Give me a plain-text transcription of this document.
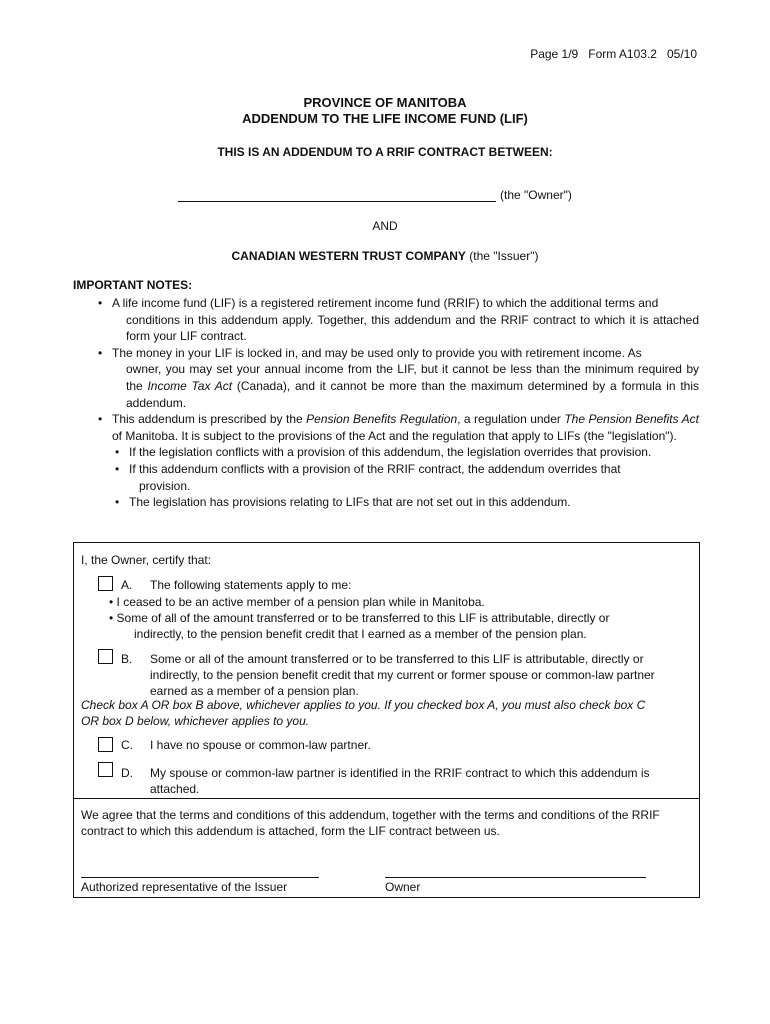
Page 1/9 Form A103.2 05/10
PROVINCE OF MANITOBA
ADDENDUM TO THE LIFE INCOME FUND (LIF)
THIS IS AN ADDENDUM TO A RRIF CONTRACT BETWEEN:
(the "Owner")
AND
CANADIAN WESTERN TRUST COMPANY (the "Issuer")
IMPORTANT NOTES:

• A life income fund (LIF) is a registered retirement income fund (RRIF) to which the additional terms and
conditions in this addendum apply. Together, this addendum and the RRIF contract to which it is attached form your LIF contract.

• The money in your LIF is locked in, and may be used only to provide you with retirement income. As
owner, you may set your annual income from the LIF, but it cannot be less than the minimum required by the Income Tax Act (Canada), and it cannot be more than the maximum determined by a formula in this addendum.

• This addendum is prescribed by the Pension Benefits Regulation, a regulation under The Pension Benefits Act of Manitoba. It is subject to the provisions of the Act and the regulation that apply to LIFs (the "legislation").

• If the legislation conflicts with a provision of this addendum, the legislation overrides that provision.
• If this addendum conflicts with a provision of the RRIF contract, the addendum overrides that
provision.
• The legislation has provisions relating to LIFs that are not set out in this addendum.
I, the Owner, certify that:
A. The following statements apply to me:
• I ceased to be an active member of a pension plan while in Manitoba.
• Some of all of the amount transferred or to be transferred to this LIF is attributable, directly or
indirectly, to the pension benefit credit that I earned as a member of the pension plan.
B. Some or all of the amount transferred or to be transferred to this LIF is attributable, directly or
indirectly, to the pension benefit credit that my current or former spouse or common-law partner
earned as a member of a pension plan.
Check box A OR box B above, whichever applies to you. If you checked box A, you must also check box C
OR box D below, whichever applies to you.
C. I have no spouse or common-law partner.
D. My spouse or common-law partner is identified in the RRIF contract to which this addendum is
attached.
We agree that the terms and conditions of this addendum, together with the terms and conditions of the RRIF
contract to which this addendum is attached, form the LIF contract between us.
Authorized representative of the Issuer	Owner
